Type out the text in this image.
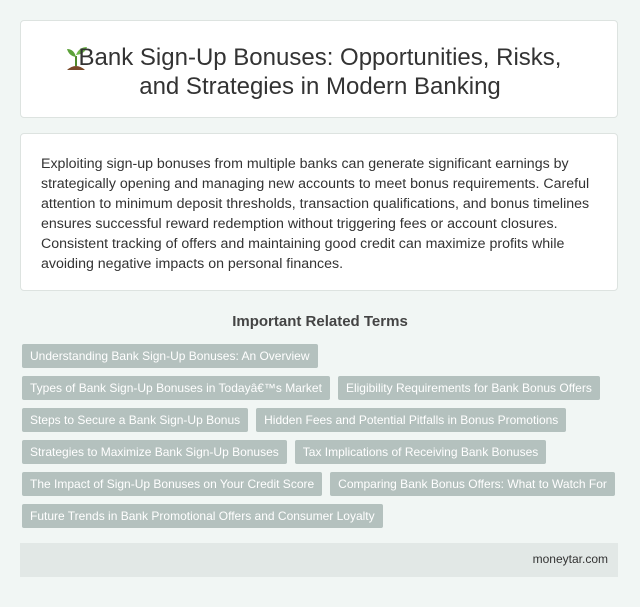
Bank Sign-Up Bonuses: Opportunities, Risks,
and Strategies in Modern Banking

Exploiting sign-up bonuses from multiple banks can generate significant earnings by strategically opening and managing new accounts to meet bonus requirements. Careful attention to minimum deposit thresholds, transaction qualifications, and bonus timelines ensures successful reward redemption without triggering fees or account closures. Consistent tracking of offers and maintaining good credit can maximize profits while avoiding negative impacts on personal finances.

Important Related Terms
Understanding Bank Sign-Up Bonuses: An Overview
Types of Bank Sign-Up Bonuses in Todayâ€™s Market	Eligibility Requirements for Bank Bonus Offers
Steps to Secure a Bank Sign-Up Bonus	Hidden Fees and Potential Pitfalls in Bonus Promotions
Strategies to Maximize Bank Sign-Up Bonuses	Tax Implications of Receiving Bank Bonuses
The Impact of Sign-Up Bonuses on Your Credit Score	Comparing Bank Bonus Offers: What to Watch For
Future Trends in Bank Promotional Offers and Consumer Loyalty
moneytar.com
